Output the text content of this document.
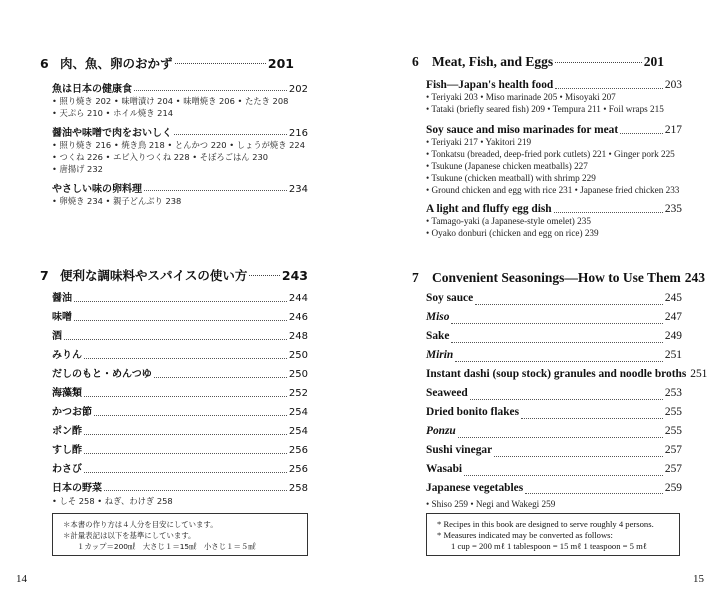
6 肉、魚、卵のおかず	201
魚は日本の健康食	202
• 照り焼き 202 • 味噌漬け 204 • 味噌焼き 206 • たたき 208
• 天ぷら 210 • ホイル焼き 214
醤油や味噌で肉をおいしく	216
• 照り焼き 216 • 焼き鳥 218 • とんかつ 220 • しょうが焼き 224
• つくね 226 • エビ入りつくね 228 • そぼろごはん 230
• 唐揚げ 232
やさしい味の卵料理	234
• 卵焼き 234 • 親子どんぶり 238
7 便利な調味料やスパイスの使い方	243
醤油	244
味噌	246
酒	248
みりん	250
だしのもと・めんつゆ	250
海藻類	252
かつお節	254
ポン酢	254
すし酢	256
わさび	256
日本の野菜	258
• しそ 258 • ねぎ、わけぎ 258
＊本書の作り方は４人分を目安にしています。
＊計量表記は以下を基準にしています。
１カップ＝200㎖　大さじ１＝15㎖　小さじ１＝５㎖
14
6 Meat, Fish, and Eggs	201
Fish—Japan's health food	203
• Teriyaki 203 • Miso marinade 205 • Misoyaki 207
• Tataki (briefly seared fish) 209 • Tempura 211 • Foil wraps 215
Soy sauce and miso marinades for meat	217
• Teriyaki 217 • Yakitori 219
• Tonkatsu (breaded, deep-fried pork cutlets) 221 • Ginger pork 225
• Tsukune (Japanese chicken meatballs) 227
• Tsukune (chicken meatball) with shrimp 229
• Ground chicken and egg with rice 231 • Japanese fried chicken 233
A light and fluffy egg dish	235
• Tamago-yaki (a Japanese-style omelet) 235
• Oyako donburi (chicken and egg on rice) 239
7 Convenient Seasonings—How to Use Them 243
Soy sauce	245
Miso	247
Sake	249
Mirin	251
Instant dashi (soup stock) granules and noodle broths 251
Seaweed	253
Dried bonito flakes	255
Ponzu	255
Sushi vinegar	257
Wasabi	257
Japanese vegetables	259
• Shiso 259 • Negi and Wakegi 259
* Recipes in this book are designed to serve roughly 4 persons.
* Measures indicated may be converted as follows:
1 cup = 200 mℓ 1 tablespoon = 15 mℓ 1 teaspoon = 5 mℓ
15
